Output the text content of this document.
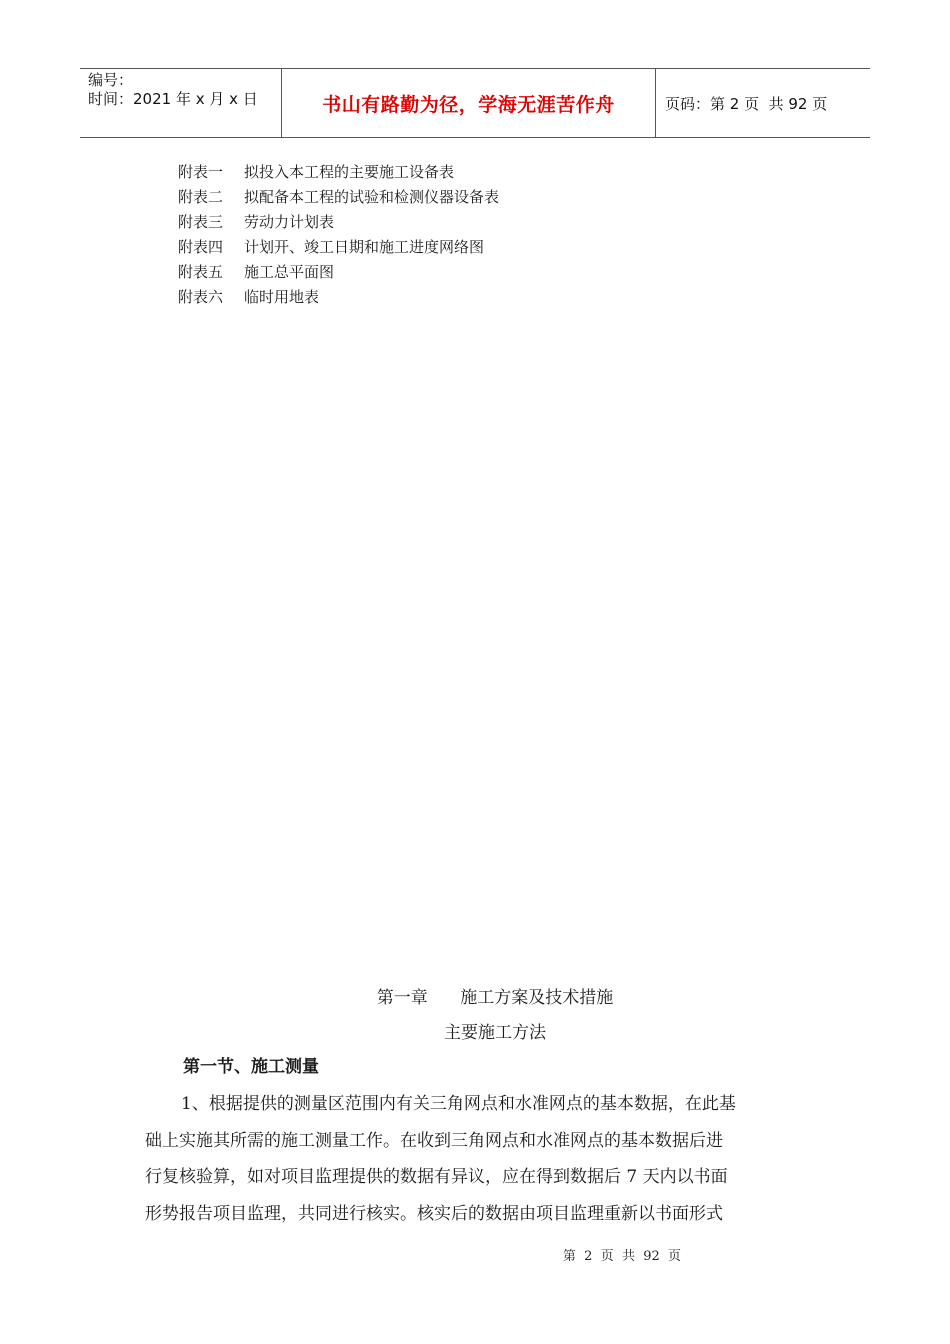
编号：
时间：2021 年 x 月 x 日	书山有路勤为径，学海无涯苦作舟	页码：第 2 页  共 92 页
附表一 拟投入本工程的主要施工设备表
附表二 拟配备本工程的试验和检测仪器设备表
附表三 劳动力计划表
附表四 计划开、竣工日期和施工进度网络图
附表五 施工总平面图
附表六 临时用地表
第一章      施工方案及技术措施
主要施工方法
第一节、施工测量
1、根据提供的测量区范围内有关三角网点和水准网点的基本数据，在此基
础上实施其所需的施工测量工作。在收到三角网点和水准网点的基本数据后进
行复核验算，如对项目监理提供的数据有异议，应在得到数据后 7 天内以书面
形势报告项目监理，共同进行核实。核实后的数据由项目监理重新以书面形式
第  2  页  共  92  页
